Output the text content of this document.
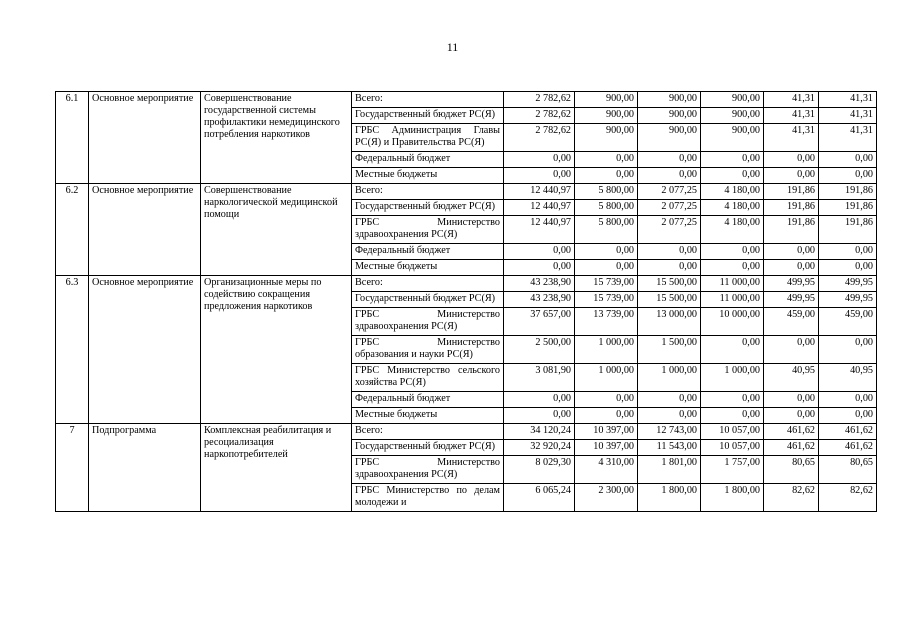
11
6.1	Основное мероприятие	Совершенствование государственной системы профилактики немедицинского потребления наркотиков	Всего:	2 782,62	900,00	900,00	900,00	41,31	41,31
			Государственный бюджет РС(Я)	2 782,62	900,00	900,00	900,00	41,31	41,31
			ГРБС Администрация Главы РС(Я) и Правительства РС(Я)	2 782,62	900,00	900,00	900,00	41,31	41,31
			Федеральный бюджет	0,00	0,00	0,00	0,00	0,00	0,00
			Местные бюджеты	0,00	0,00	0,00	0,00	0,00	0,00
6.2	Основное мероприятие	Совершенствование наркологической медицинской помощи	Всего:	12 440,97	5 800,00	2 077,25	4 180,00	191,86	191,86
			Государственный бюджет РС(Я)	12 440,97	5 800,00	2 077,25	4 180,00	191,86	191,86
			ГРБС Министерство здравоохранения РС(Я)	12 440,97	5 800,00	2 077,25	4 180,00	191,86	191,86
			Федеральный бюджет	0,00	0,00	0,00	0,00	0,00	0,00
			Местные бюджеты	0,00	0,00	0,00	0,00	0,00	0,00
6.3	Основное мероприятие	Организационные меры по содействию сокращения предложения наркотиков	Всего:	43 238,90	15 739,00	15 500,00	11 000,00	499,95	499,95
			Государственный бюджет РС(Я)	43 238,90	15 739,00	15 500,00	11 000,00	499,95	499,95
			ГРБС Министерство здравоохранения РС(Я)	37 657,00	13 739,00	13 000,00	10 000,00	459,00	459,00
			ГРБС Министерство образования и науки РС(Я)	2 500,00	1 000,00	1 500,00	0,00	0,00	0,00
			ГРБС Министерство сельского хозяйства РС(Я)	3 081,90	1 000,00	1 000,00	1 000,00	40,95	40,95
			Федеральный бюджет	0,00	0,00	0,00	0,00	0,00	0,00
			Местные бюджеты	0,00	0,00	0,00	0,00	0,00	0,00
7	Подпрограмма	Комплексная реабилитация и ресоциализация наркопотребителей	Всего:	34 120,24	10 397,00	12 743,00	10 057,00	461,62	461,62
			Государственный бюджет РС(Я)	32 920,24	10 397,00	11 543,00	10 057,00	461,62	461,62
			ГРБС Министерство здравоохранения РС(Я)	8 029,30	4 310,00	1 801,00	1 757,00	80,65	80,65
			ГРБС Министерство по делам молодежи и	6 065,24	2 300,00	1 800,00	1 800,00	82,62	82,62
